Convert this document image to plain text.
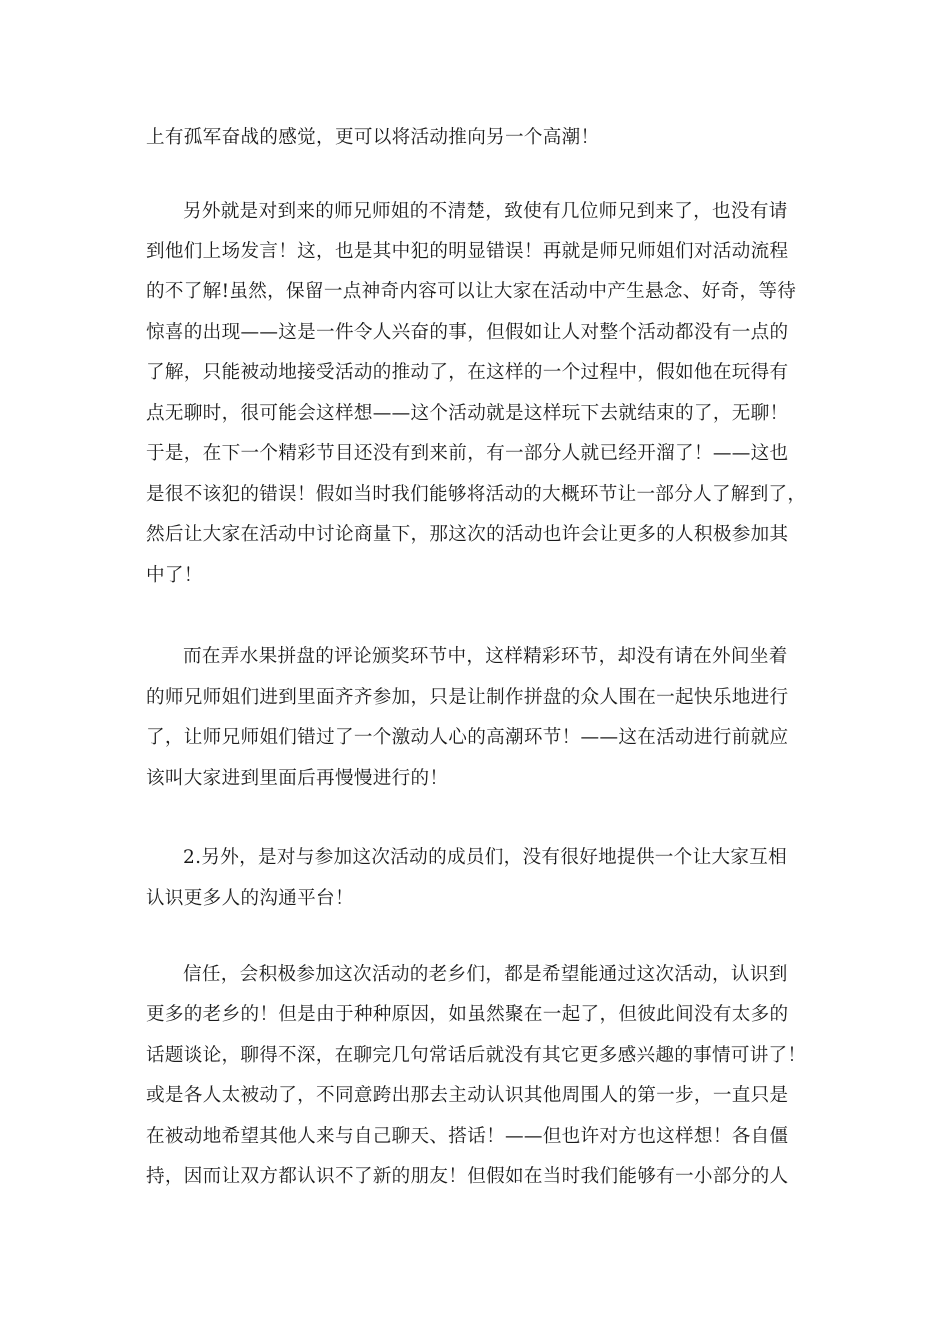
上有孤军奋战的感觉，更可以将活动推向另一个高潮！
另外就是对到来的师兄师姐的不清楚，致使有几位师兄到来了，也没有请
到他们上场发言！这，也是其中犯的明显错误！再就是师兄师姐们对活动流程
的不了解!虽然，保留一点神奇内容可以让大家在活动中产生悬念、好奇，等待
惊喜的出现——这是一件令人兴奋的事，但假如让人对整个活动都没有一点的
了解，只能被动地接受活动的推动了，在这样的一个过程中，假如他在玩得有
点无聊时，很可能会这样想——这个活动就是这样玩下去就结束的了，无聊！
于是，在下一个精彩节目还没有到来前，有一部分人就已经开溜了！——这也
是很不该犯的错误！假如当时我们能够将活动的大概环节让一部分人了解到了，
然后让大家在活动中讨论商量下，那这次的活动也许会让更多的人积极参加其
中了！
而在弄水果拼盘的评论颁奖环节中，这样精彩环节，却没有请在外间坐着
的师兄师姐们进到里面齐齐参加，只是让制作拼盘的众人围在一起快乐地进行
了，让师兄师姐们错过了一个激动人心的高潮环节！——这在活动进行前就应
该叫大家进到里面后再慢慢进行的！
2.另外，是对与参加这次活动的成员们，没有很好地提供一个让大家互相
认识更多人的沟通平台！
信任，会积极参加这次活动的老乡们，都是希望能通过这次活动，认识到
更多的老乡的！但是由于种种原因，如虽然聚在一起了，但彼此间没有太多的
话题谈论，聊得不深，在聊完几句常话后就没有其它更多感兴趣的事情可讲了！
或是各人太被动了，不同意跨出那去主动认识其他周围人的第一步，一直只是
在被动地希望其他人来与自己聊天、搭话！——但也许对方也这样想！各自僵
持，因而让双方都认识不了新的朋友！但假如在当时我们能够有一小部分的人
